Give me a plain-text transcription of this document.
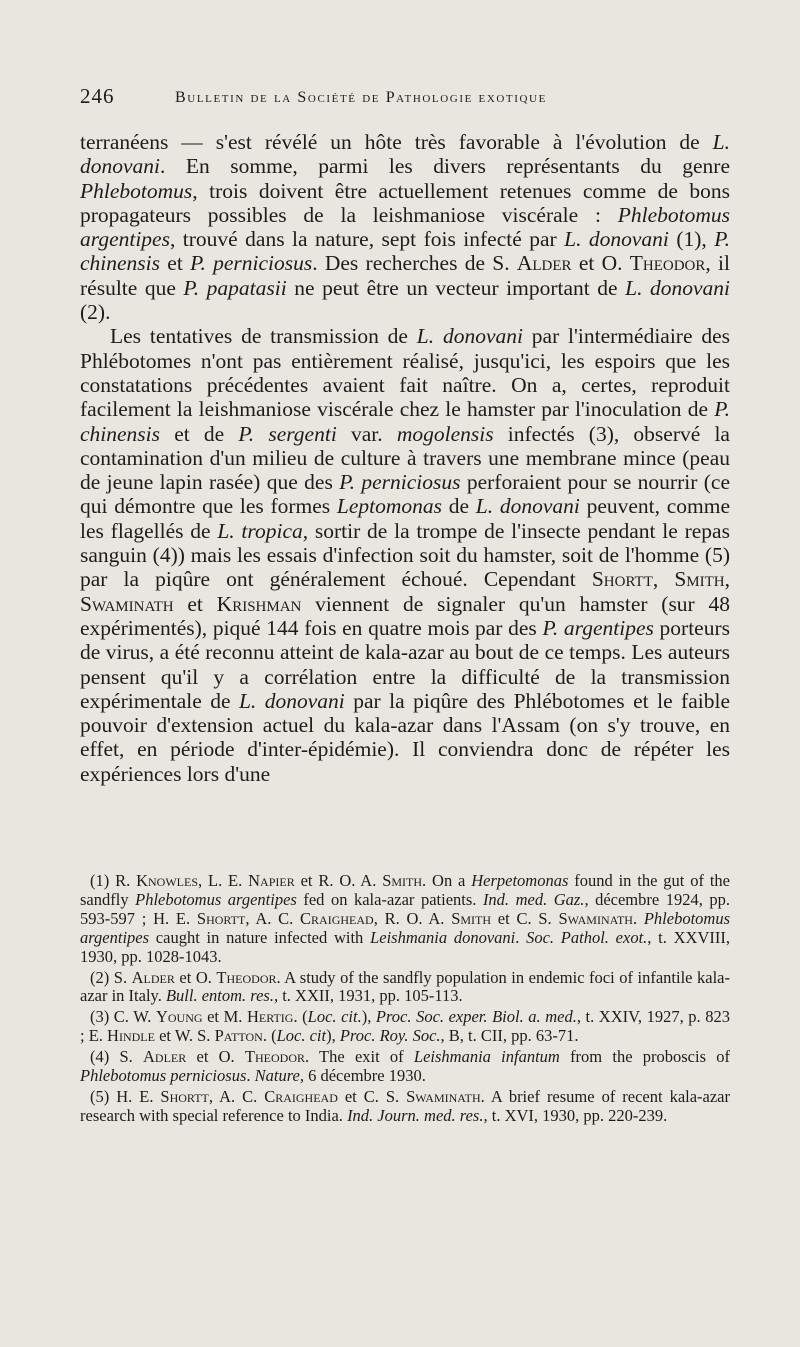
246	Bulletin de la Société de Pathologie exotique

terranéens — s'est révélé un hôte très favorable à l'évolution de L. donovani. En somme, parmi les divers représentants du genre Phlebotomus, trois doivent être actuellement retenues comme de bons propagateurs possibles de la leishmaniose viscérale : Phlebotomus argentipes, trouvé dans la nature, sept fois infecté par L. donovani (1), P. chinensis et P. perniciosus. Des recherches de S. Alder et O. Theodor, il résulte que P. papatasii ne peut être un vecteur important de L. donovani (2).

Les tentatives de transmission de L. donovani par l'intermédiaire des Phlébotomes n'ont pas entièrement réalisé, jusqu'ici, les espoirs que les constatations précédentes avaient fait naître. On a, certes, reproduit facilement la leishmaniose viscérale chez le hamster par l'inoculation de P. chinensis et de P. sergenti var. mogolensis infectés (3), observé la contamination d'un milieu de culture à travers une membrane mince (peau de jeune lapin rasée) que des P. perniciosus perforaient pour se nourrir (ce qui démontre que les formes Leptomonas de L. donovani peuvent, comme les flagellés de L. tropica, sortir de la trompe de l'insecte pendant le repas sanguin (4)) mais les essais d'infection soit du hamster, soit de l'homme (5) par la piqûre ont généralement échoué. Cependant Shortt, Smith, Swaminath et Krishman viennent de signaler qu'un hamster (sur 48 expérimentés), piqué 144 fois en quatre mois par des P. argentipes porteurs de virus, a été reconnu atteint de kala-azar au bout de ce temps. Les auteurs pensent qu'il y a corrélation entre la difficulté de la transmission expérimentale de L. donovani par la piqûre des Phlébotomes et le faible pouvoir d'extension actuel du kala-azar dans l'Assam (on s'y trouve, en effet, en période d'inter-épidémie). Il conviendra donc de répéter les expériences lors d'une

(1) R. Knowles, L. E. Napier et R. O. A. Smith. On a Herpetomonas found in the gut of the sandfly Phlebotomus argentipes fed on kala-azar patients. Ind. med. Gaz., décembre 1924, pp. 593-597 ; H. E. Shortt, A. C. Craighead, R. O. A. Smith et C. S. Swaminath. Phlebotomus argentipes caught in nature infected with Leishmania donovani. Soc. Pathol. exot., t. XXVIII, 1930, pp. 1028-1043.

(2) S. Alder et O. Theodor. A study of the sandfly population in endemic foci of infantile kala-azar in Italy. Bull. entom. res., t. XXII, 1931, pp. 105-113.

(3) C. W. Young et M. Hertig. (Loc. cit.), Proc. Soc. exper. Biol. a. med., t. XXIV, 1927, p. 823 ; E. Hindle et W. S. Patton. (Loc. cit), Proc. Roy. Soc., B, t. CII, pp. 63-71.

(4) S. Adler et O. Theodor. The exit of Leishmania infantum from the proboscis of Phlebotomus perniciosus. Nature, 6 décembre 1930.

(5) H. E. Shortt, A. C. Craighead et C. S. Swaminath. A brief resume of recent kala-azar research with special reference to India. Ind. Journ. med. res., t. XVI, 1930, pp. 220-239.
